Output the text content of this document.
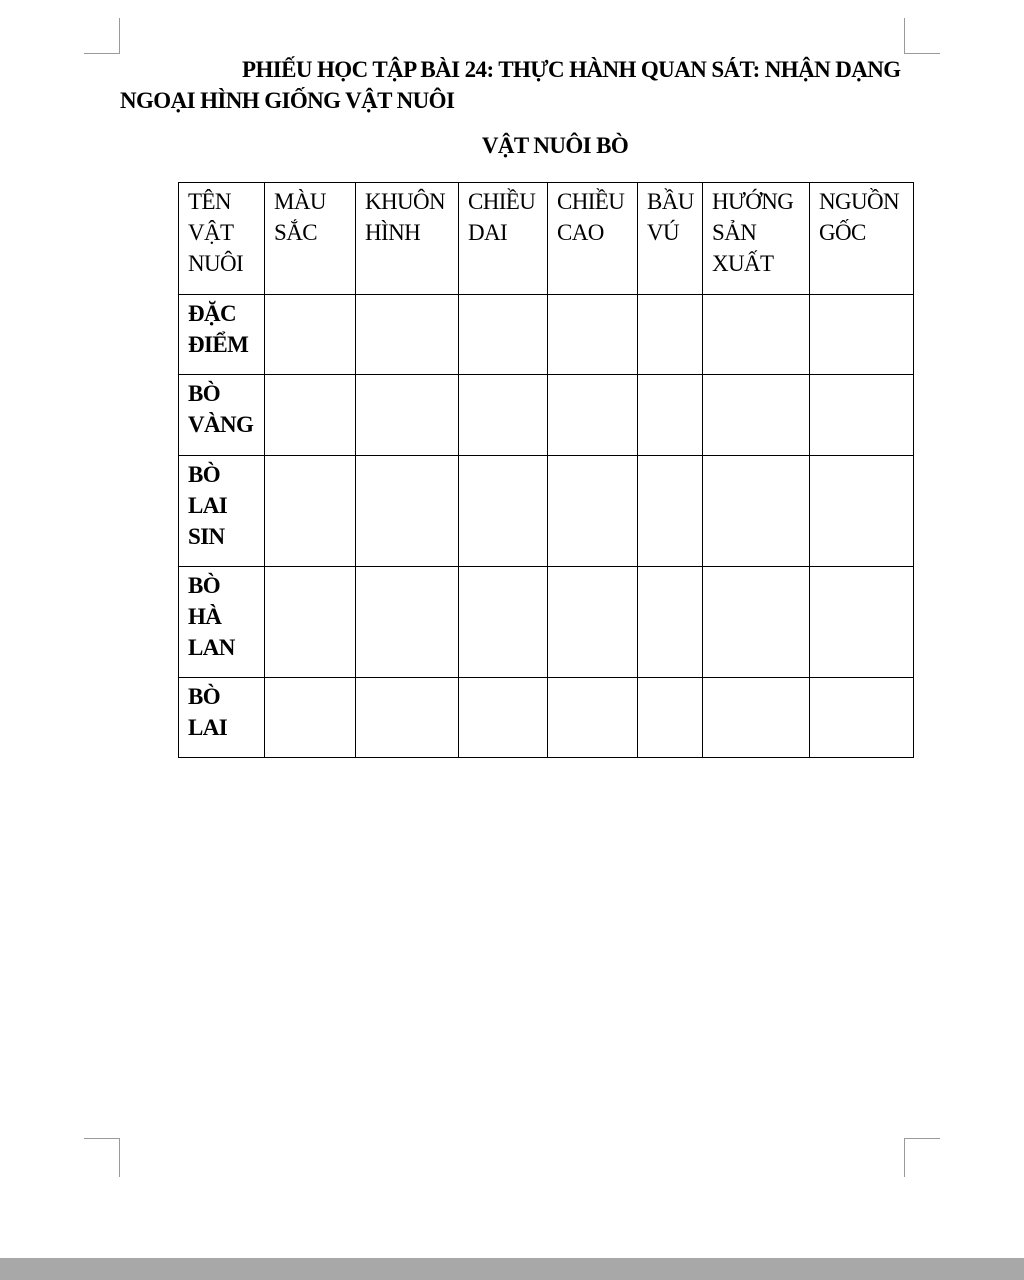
PHIẾU HỌC TẬP BÀI 24: THỰC HÀNH QUAN SÁT: NHẬN DẠNG NGOẠI HÌNH GIỐNG VẬT NUÔI
VẬT NUÔI BÒ
TÊN VẬT NUÔI	MÀU SẮC	KHUÔN HÌNH	CHIỀU DAI	CHIỀU CAO	BẦU VÚ	HƯỚNG SẢN XUẤT	NGUỒN GỐC
ĐẶC ĐIỂM							
BÒ VÀNG							
BÒ LAI SIN							
BÒ HÀ LAN							
BÒ LAI							
